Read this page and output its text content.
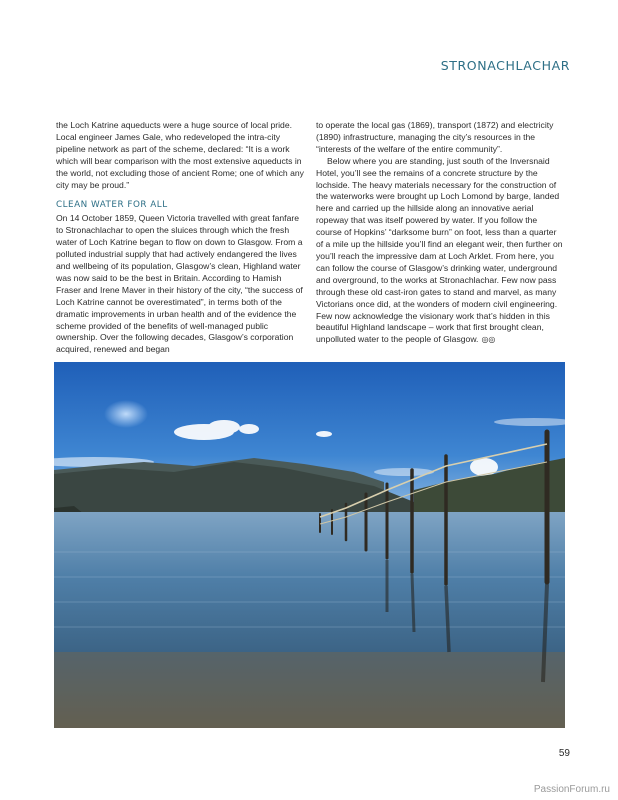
STRONACHLACHAR

the Loch Katrine aqueducts were a huge source of local pride. Local engineer James Gale, who redeveloped the intra-city pipeline network as part of the scheme, declared: “It is a work which will bear comparison with the most extensive aqueducts in the world, not excluding those of ancient Rome; one of which any city may be proud.”

CLEAN WATER FOR ALL

On 14 October 1859, Queen Victoria travelled with great fanfare to Stronachlachar to open the sluices through which the fresh water of Loch Katrine began to flow on down to Glasgow. From a polluted industrial supply that had actively endangered the lives and wellbeing of its population, Glasgow’s clean, Highland water was now said to be the best in Britain. According to Hamish Fraser and Irene Maver in their history of the city, “the success of Loch Katrine cannot be overestimated”, in terms both of the dramatic improvements in urban health and of the evidence the scheme provided of the benefits of well-managed public ownership. Over the following decades, Glasgow’s corporation acquired, renewed and began

to operate the local gas (1869), transport (1872) and electricity (1890) infrastructure, managing the city’s resources in the “interests of the welfare of the entire community”.

Below where you are standing, just south of the Inversnaid Hotel, you’ll see the remains of a concrete structure by the lochside. The heavy materials necessary for the construction of the waterworks were brought up Loch Lomond by barge, landed here and carried up the hillside along an innovative aerial ropeway that was itself powered by water. If you follow the course of Hopkins’ “darksome burn” on foot, less than a quarter of a mile up the hillside you’ll find an elegant weir, then further on you’ll reach the impressive dam at Loch Arklet. From here, you can follow the course of Glasgow’s drinking water, underground and overground, to the works at Stronachlachar. Few now pass through these old cast-iron gates to stand and marvel, as many Victorians once did, at the wonders of modern civil engineering. Few now acknowledge the visionary work that’s hidden in this beautiful Highland landscape – work that first brought clean, unpolluted water to the people of Glasgow. ◎◎

59
PassionForum.ru
